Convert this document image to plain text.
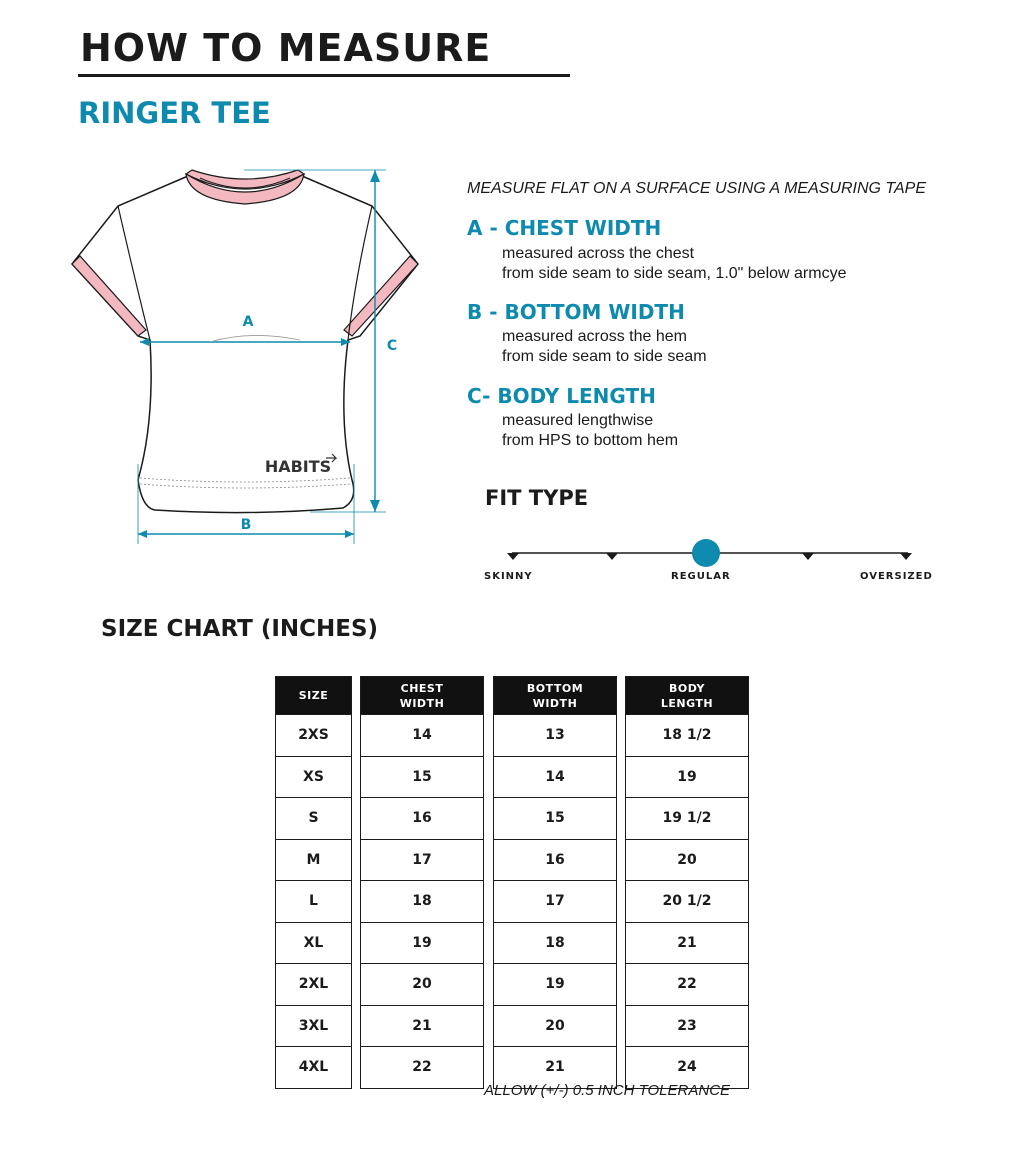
HOW TO MEASURE
RINGER TEE
A
B
C
HABITS
MEASURE FLAT ON A SURFACE USING A MEASURING TAPE
A - CHEST WIDTH
measured across the chest
from side seam to side seam, 1.0" below armcye
B - BOTTOM WIDTH
measured across the hem
from side seam to side seam
C- BODY LENGTH
measured lengthwise
from HPS to bottom hem
FIT TYPE
SKINNY	REGULAR	OVERSIZED
SIZE CHART (INCHES)
SIZE
2XS
XS
S
M
L
XL
2XL
3XL
4XL
CHEST
WIDTH
14
15
16
17
18
19
20
21
22
BOTTOM
WIDTH
13
14
15
16
17
18
19
20
21
BODY
LENGTH
18 1/2
19
19 1/2
20
20 1/2
21
22
23
24
ALLOW (+/-) 0.5 INCH TOLERANCE
